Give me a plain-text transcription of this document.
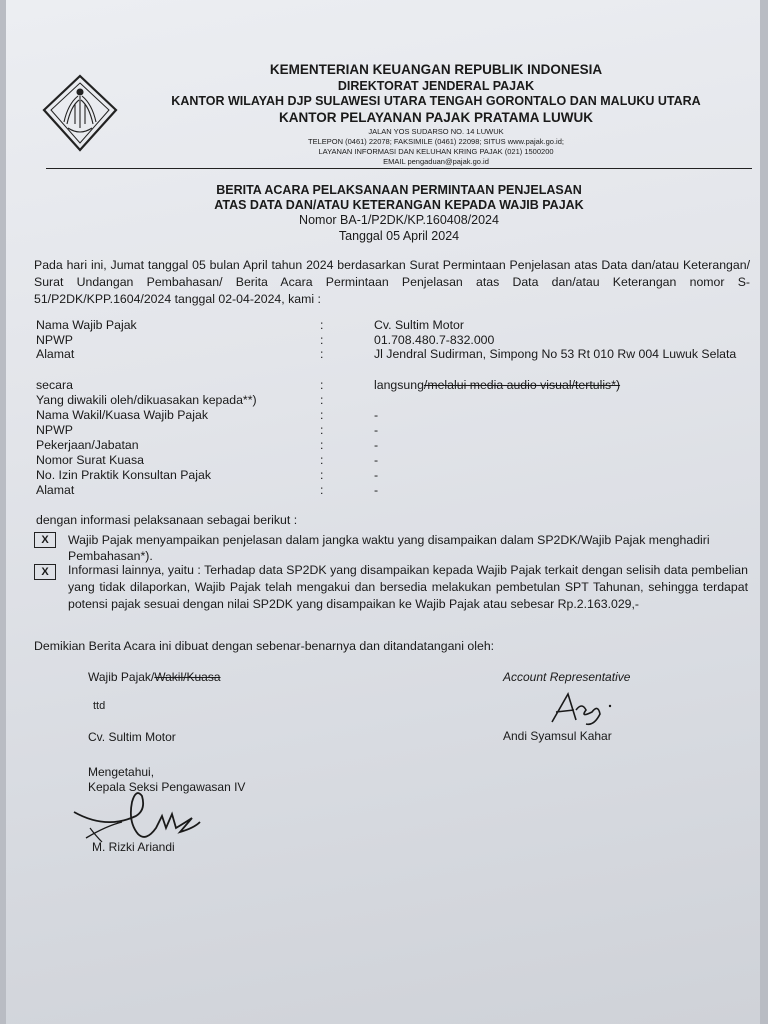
KEMENTERIAN KEUANGAN REPUBLIK INDONESIA
DIREKTORAT JENDERAL PAJAK
KANTOR WILAYAH DJP SULAWESI UTARA TENGAH GORONTALO DAN MALUKU UTARA
KANTOR PELAYANAN PAJAK PRATAMA LUWUK
JALAN YOS SUDARSO NO. 14 LUWUK
TELEPON (0461) 22078; FAKSIMILE (0461) 22098; SITUS www.pajak.go.id;
LAYANAN INFORMASI DAN KELUHAN KRING PAJAK (021) 1500200
EMAIL pengaduan@pajak.go.id
BERITA ACARA PELAKSANAAN PERMINTAAN PENJELASAN
ATAS DATA DAN/ATAU KETERANGAN KEPADA WAJIB PAJAK
Nomor BA-1/P2DK/KP.160408/2024
Tanggal 05 April 2024
Pada hari ini, Jumat tanggal 05 bulan April tahun 2024 berdasarkan Surat Permintaan Penjelasan atas Data dan/atau Keterangan/ Surat Undangan Pembahasan/ Berita Acara Permintaan Penjelasan atas Data dan/atau Keterangan nomor S-51/P2DK/KPP.1604/2024 tanggal 02-04-2024, kami :
Nama Wajib Pajak	:	Cv. Sultim Motor
NPWP	:	01.708.480.7-832.000
Alamat	:	Jl Jendral Sudirman, Simpong No 53 Rt 010 Rw 004 Luwuk Selata
secara	:	langsung/melalui media audio visual/tertulis*)
Yang diwakili oleh/dikuasakan kepada**)	:
Nama Wakil/Kuasa Wajib Pajak	:	-
NPWP	:	-
Pekerjaan/Jabatan	:	-
Nomor Surat Kuasa	:	-
No. Izin Praktik Konsultan Pajak	:	-
Alamat	:	-
dengan informasi pelaksanaan sebagai berikut :
X	Wajib Pajak menyampaikan penjelasan dalam jangka waktu yang disampaikan dalam SP2DK/Wajib Pajak menghadiri
Pembahasan*).
X	Informasi lainnya, yaitu : Terhadap data SP2DK yang disampaikan kepada Wajib Pajak terkait dengan selisih data pembelian yang tidak dilaporkan, Wajib Pajak telah mengakui dan bersedia melakukan pembetulan SPT Tahunan, sehingga terdapat potensi pajak sesuai dengan nilai SP2DK yang disampaikan ke Wajib Pajak atau sebesar Rp.2.163.029,-
Demikian Berita Acara ini dibuat dengan sebenar-benarnya dan ditandatangani oleh:
Wajib Pajak/Wakil/Kuasa
ttd
Cv. Sultim Motor
Account Representative
Andi Syamsul Kahar
Mengetahui,
Kepala Seksi Pengawasan IV
M. Rizki Ariandi
